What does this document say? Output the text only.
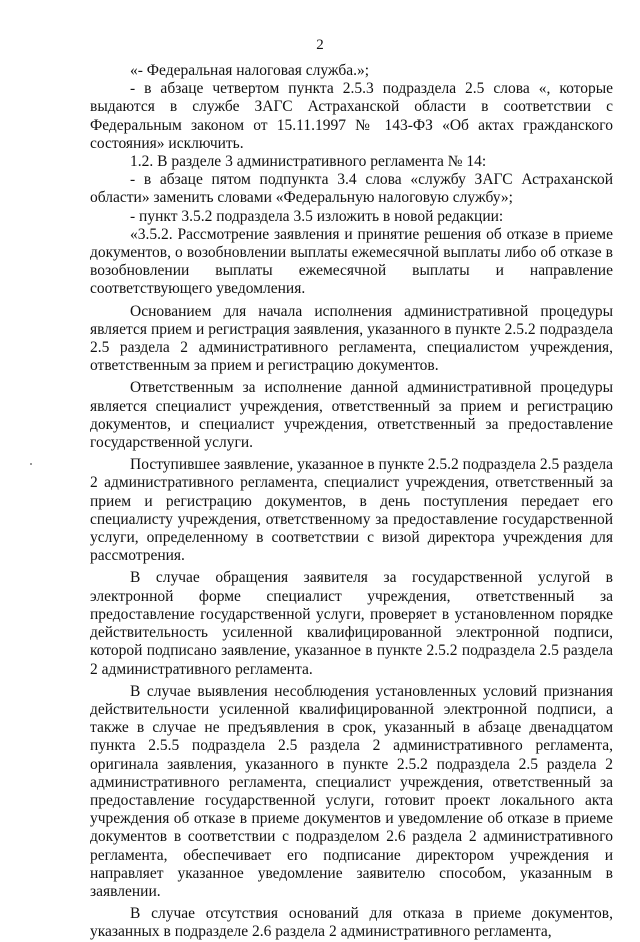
2

«- Федеральная налоговая служба.»;

- в абзаце четвертом пункта 2.5.3 подраздела 2.5 слова «, которые выдаются в службе ЗАГС Астраханской области в соответствии с Федеральным законом от 15.11.1997 № 143-ФЗ «Об актах гражданского состояния» исключить.

1.2. В разделе 3 административного регламента № 14:

- в абзаце пятом подпункта 3.4 слова «службу ЗАГС Астраханской области» заменить словами «Федеральную налоговую службу»;

- пункт 3.5.2 подраздела 3.5 изложить в новой редакции:

«3.5.2. Рассмотрение заявления и принятие решения об отказе в приеме документов, о возобновлении выплаты ежемесячной выплаты либо об отказе в возобновлении выплаты ежемесячной выплаты и направление соответствующего уведомления.

Основанием для начала исполнения административной процедуры является прием и регистрация заявления, указанного в пункте 2.5.2 подраздела 2.5 раздела 2 административного регламента, специалистом учреждения, ответственным за прием и регистрацию документов.

Ответственным за исполнение данной административной процедуры является специалист учреждения, ответственный за прием и регистрацию документов, и специалист учреждения, ответственный за предоставление государственной услуги.

Поступившее заявление, указанное в пункте 2.5.2 подраздела 2.5 раздела 2 административного регламента, специалист учреждения, ответственный за прием и регистрацию документов, в день поступления передает его специалисту учреждения, ответственному за предоставление государственной услуги, определенному в соответствии с визой директора учреждения для рассмотрения.

В случае обращения заявителя за государственной услугой в электронной форме специалист учреждения, ответственный за предоставление государственной услуги, проверяет в установленном порядке действительность усиленной квалифицированной электронной подписи, которой подписано заявление, указанное в пункте 2.5.2 подраздела 2.5 раздела 2 административного регламента.

В случае выявления несоблюдения установленных условий признания действительности усиленной квалифицированной электронной подписи, а также в случае не предъявления в срок, указанный в абзаце двенадцатом пункта 2.5.5 подраздела 2.5 раздела 2 административного регламента, оригинала заявления, указанного в пункте 2.5.2 подраздела 2.5 раздела 2 административного регламента, специалист учреждения, ответственный за предоставление государственной услуги, готовит проект локального акта учреждения об отказе в приеме документов и уведомление об отказе в приеме документов в соответствии с подразделом 2.6 раздела 2 административного регламента, обеспечивает его подписание директором учреждения и направляет указанное уведомление заявителю способом, указанным в заявлении.

В случае отсутствия оснований для отказа в приеме документов, указанных в подразделе 2.6 раздела 2 административного регламента,
